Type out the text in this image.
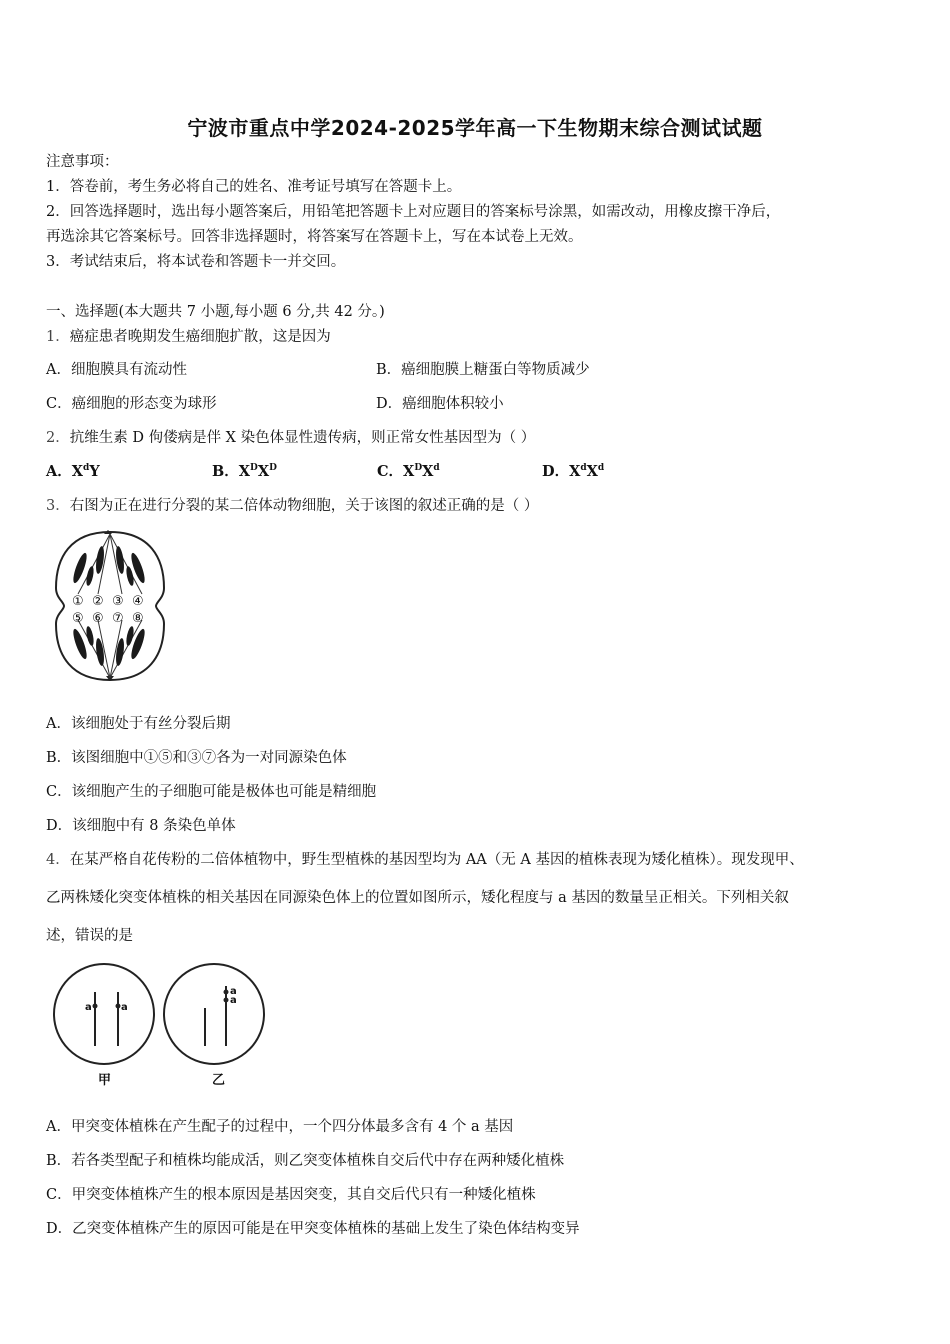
宁波市重点中学2024-2025学年高一下生物期末综合测试试题
注意事项：
1．答卷前，考生务必将自己的姓名、准考证号填写在答题卡上。
2．回答选择题时，选出每小题答案后，用铅笔把答题卡上对应题目的答案标号涂黑，如需改动，用橡皮擦干净后，
再选涂其它答案标号。回答非选择题时，将答案写在答题卡上，写在本试卷上无效。
3．考试结束后，将本试卷和答题卡一并交回。
一、选择题(本大题共 7 小题,每小题 6 分,共 42 分。)
1．癌症患者晚期发生癌细胞扩散，这是因为
A．细胞膜具有流动性	B．癌细胞膜上糖蛋白等物质减少
C．癌细胞的形态变为球形	D．癌细胞体积较小
2．抗维生素 D 佝偻病是伴 X 染色体显性遗传病，则正常女性基因型为（ ）
A．$X^dY$	B．$X^DX^D$	C．$X^DX^d$	D．$X^dX^d$
3．右图为正在进行分裂的某二倍体动物细胞，关于该图的叙述正确的是（ ）
① ② ③ ④
⑤ ⑥ ⑦ ⑧
A．该细胞处于有丝分裂后期
B．该图细胞中①⑤和③⑦各为一对同源染色体
C．该细胞产生的子细胞可能是极体也可能是精细胞
D．该细胞中有 8 条染色单体
4．在某严格自花传粉的二倍体植物中，野生型植株的基因型均为 AA（无 A 基因的植株表现为矮化植株）。现发现甲、
乙两株矮化突变体植株的相关基因在同源染色体上的位置如图所示，矮化程度与 a 基因的数量呈正相关。下列相关叙
述，错误的是
a	a
甲
a
a
乙
A．甲突变体植株在产生配子的过程中，一个四分体最多含有 4 个 a 基因
B．若各类型配子和植株均能成活，则乙突变体植株自交后代中存在两种矮化植株
C．甲突变体植株产生的根本原因是基因突变，其自交后代只有一种矮化植株
D．乙突变体植株产生的原因可能是在甲突变体植株的基础上发生了染色体结构变异
